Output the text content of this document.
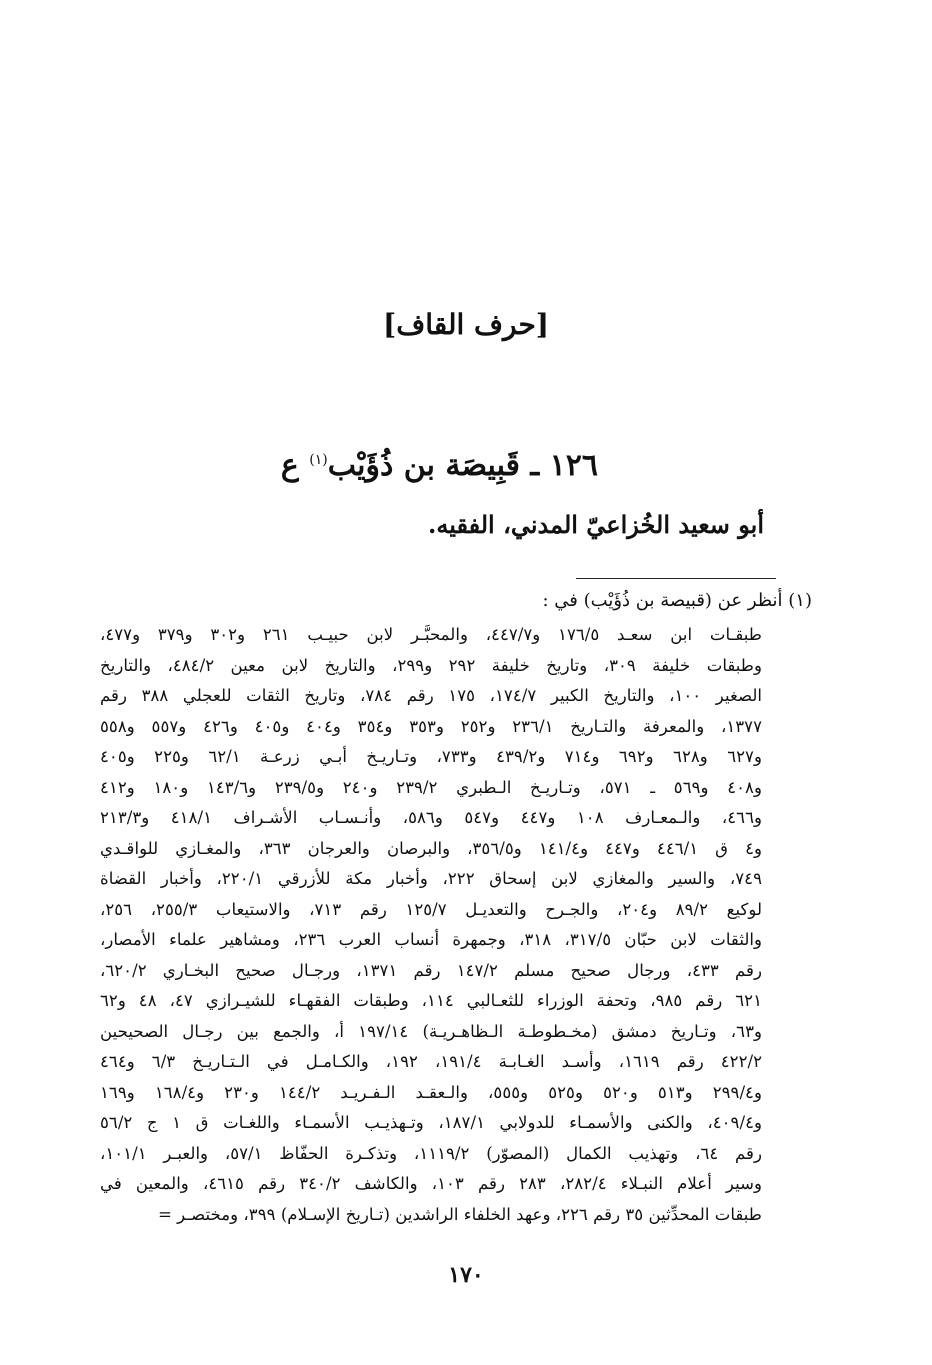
[حرف القاف]
١٢٦ ـ قَبِيصَة بن ذُؤَيْب$^{(١)}$ ع
أبو سعيد الخُزاعيّ المدني، الفقيه.
(١) أنظر عن (قبيصة بن ذُؤَيْب) في :
طبقـات ابن سعـد ١٧٦/٥ و٤٤٧/٧، والمحبَّـر لابن حبيـب ٢٦١ و٣٠٢ و٣٧٩ و٤٧٧،
وطبقات خليفة ٣٠٩، وتاريخ خليفة ٢٩٢ و٢٩٩، والتاريخ لابن معين ٤٨٤/٢، والتاريخ
الصغير ١٠٠، والتاريخ الكبير ١٧٤/٧، ١٧٥ رقم ٧٨٤، وتاريخ الثقات للعجلي ٣٨٨ رقم
١٣٧٧، والمعرفة والتـاريخ ٢٣٦/١ و٢٥٢ و٣٥٣ و٣٥٤ و٤٠٤ و٤٠٥ و٤٢٦ و٥٥٧ و٥٥٨
و٦٢٧ و٦٢٨ و٦٩٢ و٧١٤ و٤٣٩/٢ و٧٣٣، وتـاريـخ أبـي زرعـة ٦٢/١ و٢٢٥ و٤٠٥
و٤٠٨ و٥٦٩ ـ ٥٧١، وتـاريـخ الـطبري ٢٣٩/٢ و٢٤٠ و٢٣٩/٥ و١٤٣/٦ و١٨٠ و٤١٢
و٤٦٦، والـمعـارف ١٠٨ و٤٤٧ و٥٤٧ و٥٨٦، وأنـسـاب الأشـراف ٤١٨/١ و٢١٣/٣
و٤ ق ٤٤٦/١ و٤٤٧ و١٤١/٤ و٣٥٦/٥، والبرصان والعرجان ٣٦٣، والمغـازي للواقـدي
٧٤٩، والسير والمغازي لابن إسحاق ٢٢٢، وأخبار مكة للأزرقي ٢٢٠/١، وأخبار القضاة
لوكيع ٨٩/٢ و٢٠٤، والجـرح والتعديـل ١٢٥/٧ رقم ٧١٣، والاستيعاب ٢٥٥/٣، ٢٥٦،
والثقات لابن حبّان ٣١٧/٥، ٣١٨، وجمهرة أنساب العرب ٢٣٦، ومشاهير علماء الأمصار،
رقم ٤٣٣، ورجال صحيح مسلم ١٤٧/٢ رقم ١٣٧١، ورجـال صحيح البخـاري ٦٢٠/٢،
٦٢١ رقم ٩٨٥، وتحفة الوزراء للثعـالبي ١١٤، وطبقات الفقهـاء للشيـرازي ٤٧، ٤٨ و٦٢
و٦٣، وتـاريخ دمشق (مخـطوطـة الـظاهـريـة) ١٩٧/١٤ أ، والجمع بين رجـال الصحيحين
٤٢٢/٢ رقم ١٦١٩، وأسـد الغـابـة ١٩١/٤، ١٩٢، والكـامـل في الـتـاريـخ ٦/٣ و٤٦٤
و٢٩٩/٤ و٥١٣ و٥٢٠ و٥٢٥ و٥٥٥، والـعقـد الـفـريـد ١٤٤/٢ و٢٣٠ و١٦٨/٤ و١٦٩
و٤٠٩/٤، والكنى والأسمـاء للدولابي ١٨٧/١، وتـهذيـب الأسمـاء واللغـات ق ١ ج ٥٦/٢
رقم ٦٤، وتهذيب الكمال (المصوّر) ١١١٩/٢، وتذكـرة الحفّاظ ٥٧/١، والعبـر ١٠١/١،
وسير أعلام النبـلاء ٢٨٢/٤، ٢٨٣ رقم ١٠٣، والكاشف ٣٤٠/٢ رقم ٤٦١٥، والمعين في
طبقات المحدِّثين ٣٥ رقم ٢٢٦، وعهد الخلفاء الراشدين (تـاريخ الإسـلام) ٣٩٩، ومختصـر =
١٧٠
